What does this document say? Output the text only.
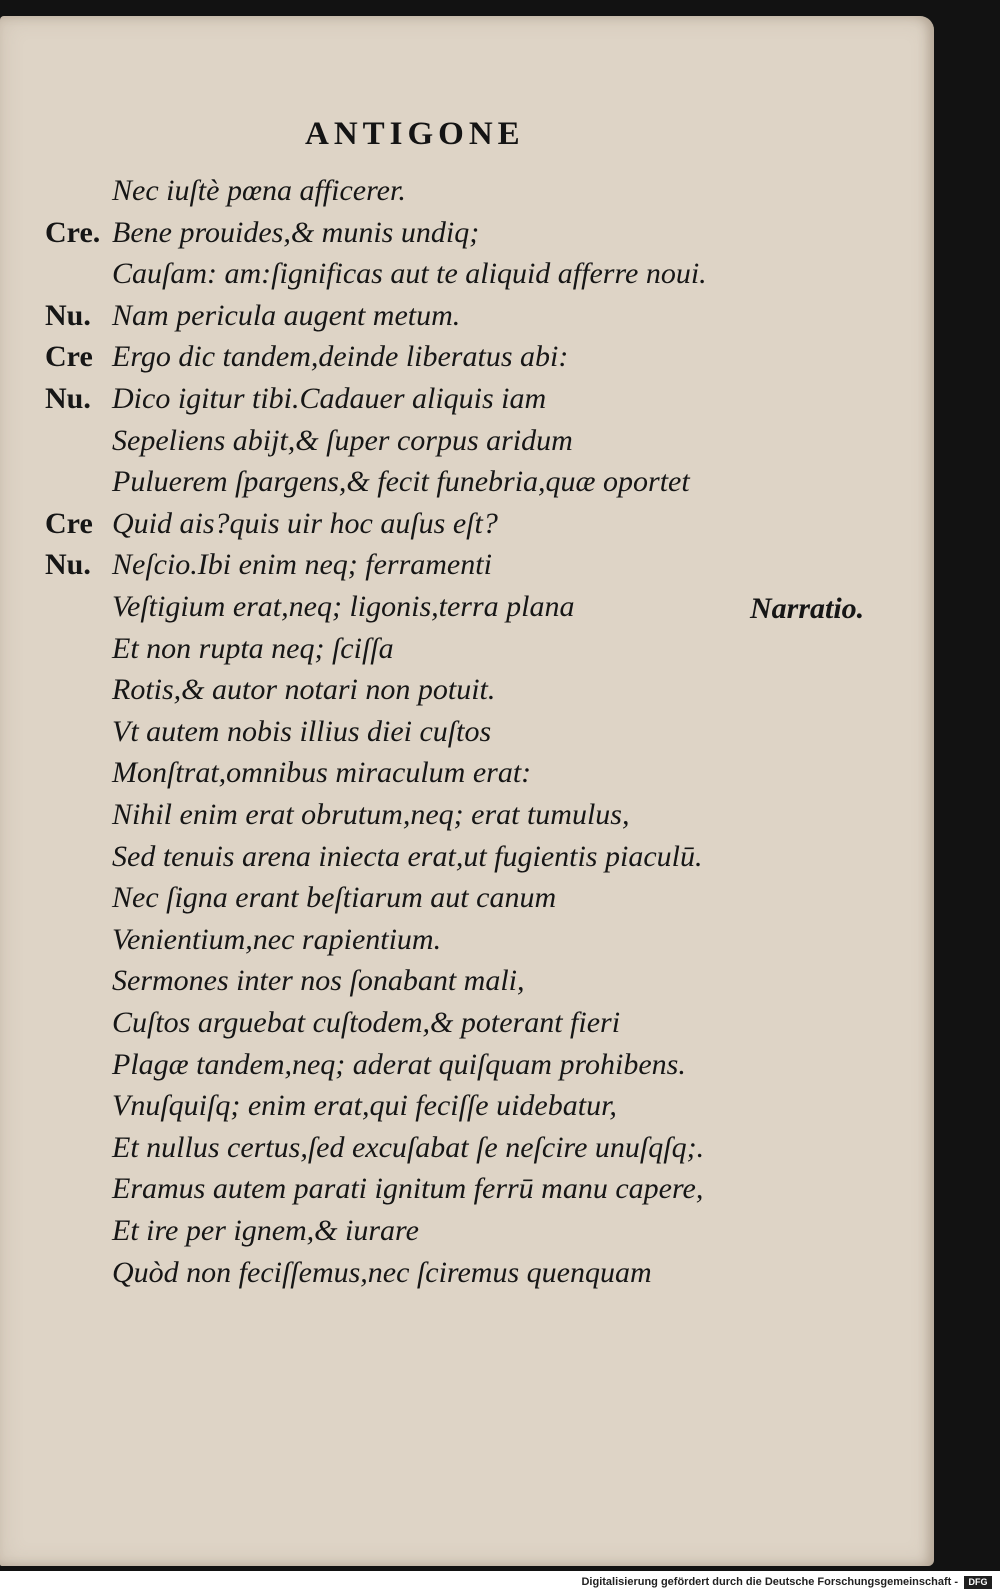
ANTIGONE
Nec iuſtè pœna afficerer.
Bene prouides,& munis undiq;
Cauſam: am:ſignificas aut te aliquid afferre noui.
Nam pericula augent metum.
Ergo dic tandem,deinde liberatus abi:
Dico igitur tibi.Cadauer aliquis iam
Sepeliens abijt,& ſuper corpus aridum
Puluerem ſpargens,& fecit funebria,quæ oportet
Quid ais?quis uir hoc auſus eſt?
Neſcio.Ibi enim neq; ferramenti
Veſtigium erat,neq; ligonis,terra plana
Et non rupta neq; ſciſſa
Rotis,& autor notari non potuit.
Vt autem nobis illius diei cuſtos
Monſtrat,omnibus miraculum erat:
Nihil enim erat obrutum,neq; erat tumulus,
Sed tenuis arena iniecta erat,ut fugientis piaculū.
Nec ſigna erant beſtiarum aut canum
Venientium,nec rapientium.
Sermones inter nos ſonabant mali,
Cuſtos arguebat cuſtodem,& poterant fieri
Plagæ tandem,neq; aderat quiſquam prohibens.
Vnuſquiſq; enim erat,qui feciſſe uidebatur,
Et nullus certus,ſed excuſabat ſe neſcire unuſqſq;.
Eramus autem parati ignitum ferrū manu capere,
Et ire per ignem,& iurare
Quòd non feciſſemus,nec ſciremus quenquam
Cre.
Nu.
Cre
Nu.
Cre
Nu.
Narratio.
Digitalisierung gefördert durch die Deutsche Forschungsgemeinschaft -	DFG
